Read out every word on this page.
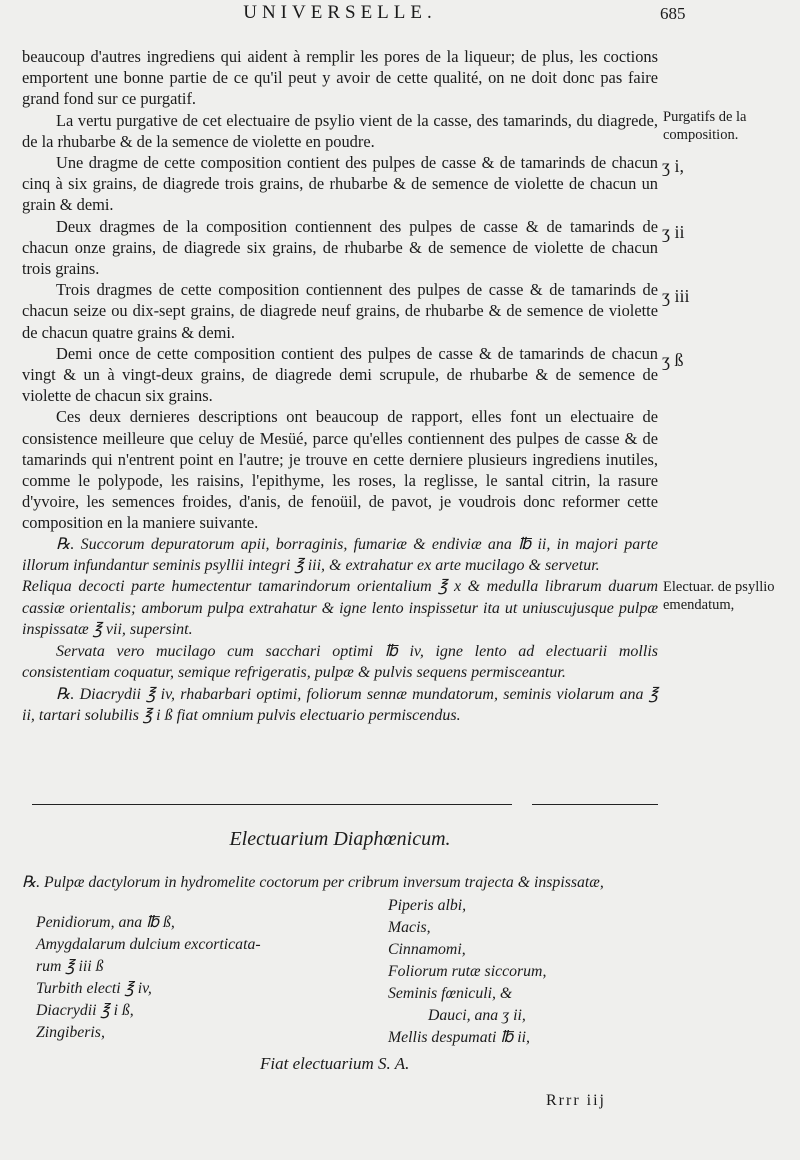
UNIVERSELLE.	685

beaucoup d'autres ingrediens qui aident à remplir les pores de la liqueur; de plus, les coctions emportent une bonne partie de ce qu'il peut y avoir de cette qualité, on ne doit donc pas faire grand fond sur ce purgatif.

La vertu purgative de cet electuaire de psylio vient de la casse, des tamarinds, du diagrede, de la rhubarbe & de la semence de violette en poudre.

Une dragme de cette composition contient des pulpes de casse & de tamarinds de chacun cinq à six grains, de diagrede trois grains, de rhubarbe & de semence de violette de chacun un grain & demi.

Deux dragmes de la composition contiennent des pulpes de casse & de tamarinds de chacun onze grains, de diagrede six grains, de rhubarbe & de semence de violette de chacun trois grains.

Trois dragmes de cette composition contiennent des pulpes de casse & de tamarinds de chacun seize ou dix-sept grains, de diagrede neuf grains, de rhubarbe & de semence de violette de chacun quatre grains & demi.

Demi once de cette composition contient des pulpes de casse & de tamarinds de chacun vingt & un à vingt-deux grains, de diagrede demi scrupule, de rhubarbe & de semence de violette de chacun six grains.

Ces deux dernieres descriptions ont beaucoup de rapport, elles font un electuaire de consistence meilleure que celuy de Mesüé, parce qu'elles contiennent des pulpes de casse & de tamarinds qui n'entrent point en l'autre; je trouve en cette derniere plusieurs ingrediens inutiles, comme le polypode, les raisins, l'epithyme, les roses, la reglisse, le santal citrin, la rasure d'yvoire, les semences froides, d'anis, de fenoüil, de pavot, je voudrois donc reformer cette composition en la maniere suivante.

℞. Succorum depuratorum apii, borraginis, fumariæ & endiviæ ana ℔ ii, in majori parte illorum infundantur seminis psyllii integri ℥ iii, & extrahatur ex arte mucilago & servetur.

Reliqua decocti parte humectentur tamarindorum orientalium ℥ x & medulla librarum duarum cassiæ orientalis; amborum pulpa extrahatur & igne lento inspissetur ita ut uniuscujusque pulpæ inspissatæ ℥ vii, supersint.

Servata vero mucilago cum sacchari optimi ℔ iv, igne lento ad electuarii mollis consistentiam coquatur, semique refrigeratis, pulpæ & pulvis sequens permisceantur.

℞. Diacrydii ℥ iv, rhabarbari optimi, foliorum sennæ mundatorum, seminis violarum ana ℥ ii, tartari solubilis ℥ i ß fiat omnium pulvis electuario permiscendus.

Purgatifs de la composition.
Electuar. de psyllio emendatum,
ʒ i,
ʒ ii
ʒ iii
ʒ ß
Electuarium Diaphœnicum.
℞. Pulpæ dactylorum in hydromelite coctorum per cribrum inversum trajecta & inspissatæ,
Penidiorum, ana ℔ ß,
Amygdalarum dulcium excorticata-
rum ℥ iii ß
Turbith electi ℥ iv,
Diacrydii ℥ i ß,
Zingiberis,
Piperis albi,
Macis,
Cinnamomi,
Foliorum rutæ siccorum,
Seminis fœniculi, &
Dauci, ana ʒ ii,
Mellis despumati ℔ ii,
Fiat electuarium S. A.
Rrrr iij
